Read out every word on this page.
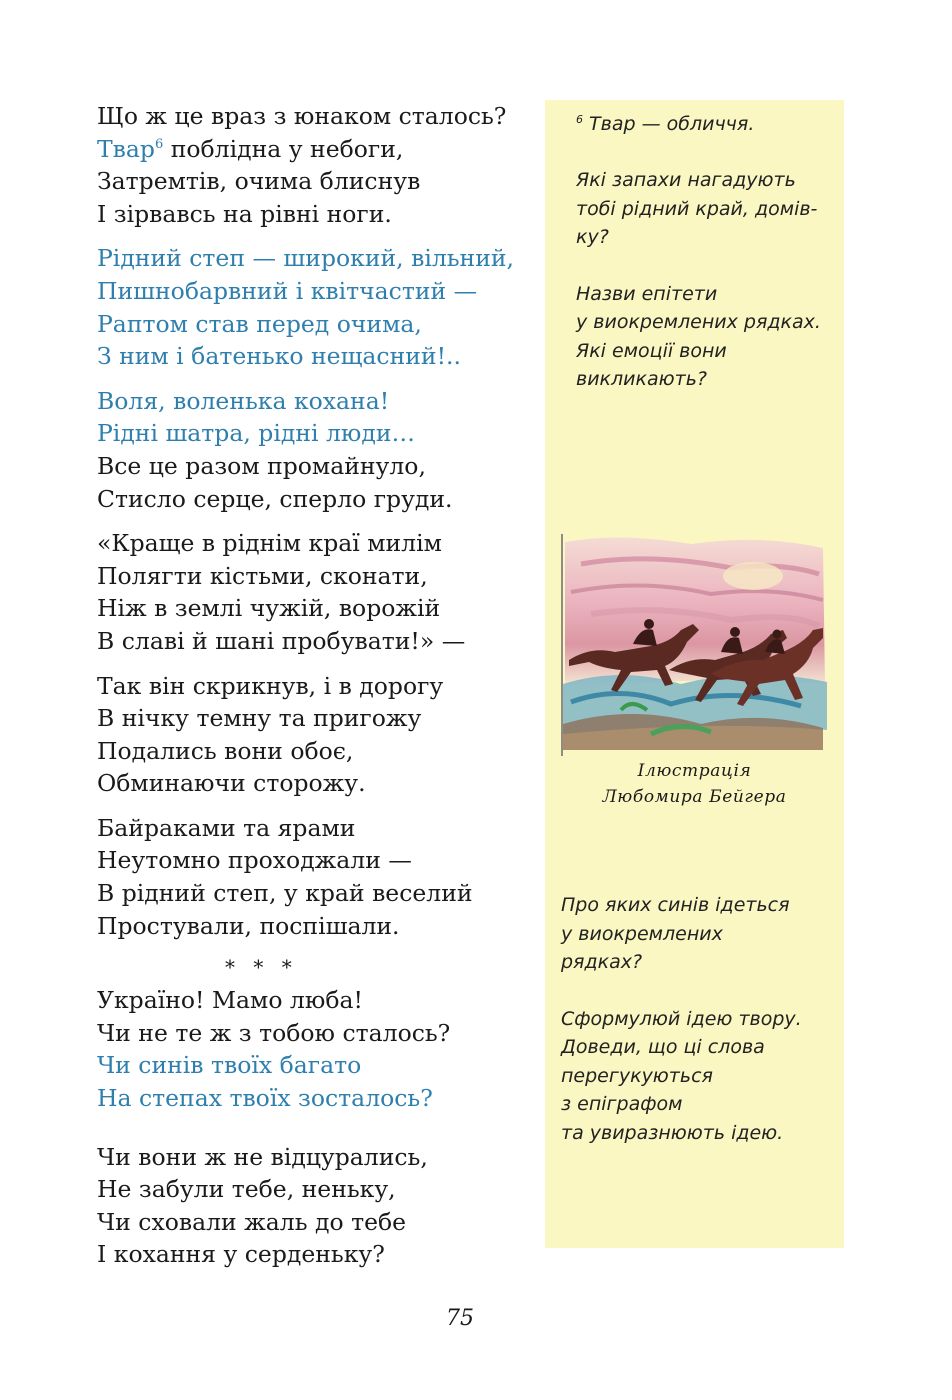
Що ж це враз з юнаком сталось?
Твар$^6$ поблідна у небоги,
Затремтів, очима блиснув
І зірвавсь на рівні ноги.
Рідний степ — широкий, вільний,
Пишнобарвний і квітчастий —
Раптом став перед очима,
З ним і батенько нещасний!..
Воля, воленька кохана!
Рідні шатра, рідні люди…
Все це разом промайнуло,
Стисло серце, сперло груди.
«Краще в рiднім краї милім
Полягти кiстьми, сконати,
Ніж в землi чужій, ворожій
В славі й шані пробувати!» —
Так він скрикнув, і в дорогу
В нічку темну та пригожу
Подались вони обоє,
Обминаючи сторожу.
Байраками та ярами
Неутомно проходжали —
В рідний степ, у край веселий
Простували, поспішали.
* * *
Україно! Мамо люба!
Чи не те ж з тобою сталось?
Чи синів твоїх багато
На степах твоїх зосталось?
Чи вони ж не відцурались,
Не забули тебе, неньку,
Чи сховали жаль до тебе
І кохання у серденьку?
$^6$ Твар — обличчя.
Які запахи нагадують
тобі рідний край, домів-
ку?
Назви епітети
у виокремлених рядках.
Які емоції вони
викликають?
Ілюстрація
Любомира Бейгера
Про яких синів ідеться
у виокремлених
рядках?
Сформулюй ідею твору.
Доведи, що ці слова
перегукуються
з епіграфом
та увиразнюють ідею.
75
